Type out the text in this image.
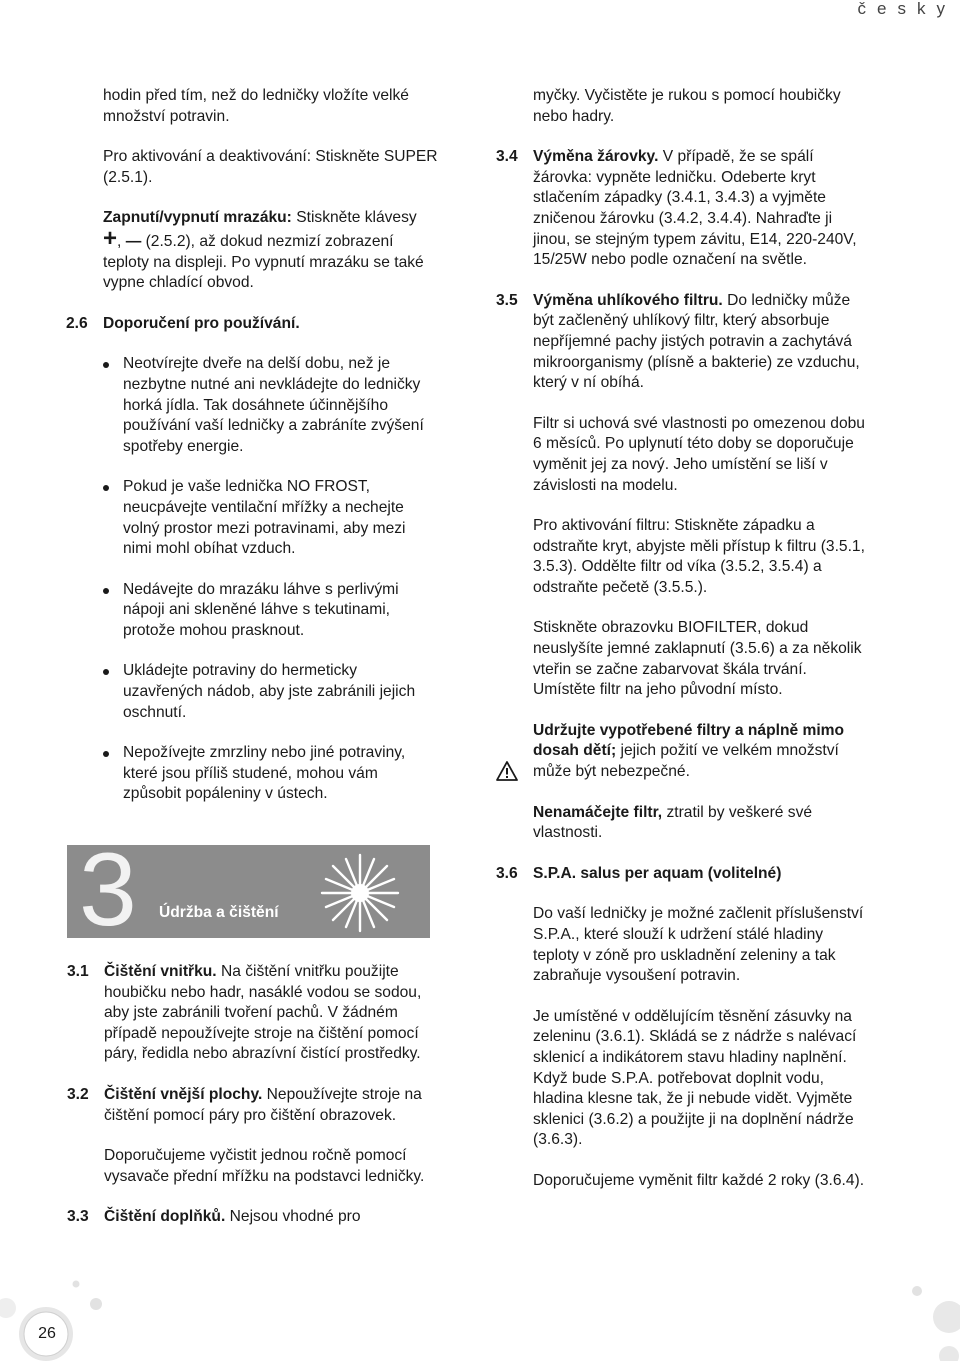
česky

hodin před tím, než do ledničky vložíte velké množství potravin.

Pro aktivování a deaktivování: Stiskněte SUPER (2.5.1).

Zapnutí/vypnutí mrazáku: Stiskněte klávesy +, — (2.5.2), až dokud nezmizí zobrazení teploty na displeji. Po vypnutí mrazáku se také vypne chladící obvod.

2.6 Doporučení pro používání.

Neotvírejte dveře na delší dobu, než je nezbytne nutné ani nevkládejte do ledničky horká jídla. Tak dosáhnete účinnějšího používání vaší ledničky a zabráníte zvýšení spotřeby energie.
Pokud je vaše lednička NO FROST, neucpávejte ventilační mřížky a nechejte volný prostor mezi potravinami, aby mezi nimi mohl obíhat vzduch.
Nedávejte do mrazáku láhve s perlivými nápoji ani skleněné láhve s tekutinami, protože mohou prasknout.
Ukládejte potraviny do hermeticky uzavřených nádob, aby jste zabránili jejich oschnutí.
Nepožívejte zmrzliny nebo jiné potraviny, které jsou příliš studené, mohou vám způsobit popáleniny v ústech.
3 Údržba a čištění

3.1 Čištění vnitřku. Na čištění vnitřku použijte houbičku nebo hadr, nasáklé vodou se sodou, aby jste zabránili tvoření pachů. V žádném případě nepoužívejte stroje na čištění pomocí páry, ředidla nebo abrazívní čistící prostředky.

3.2 Čištění vnější plochy. Nepoužívejte stroje na čištění pomocí páry pro čištění obrazovek.

Doporučujeme vyčistit jednou ročně pomocí vysavače přední mřížku na podstavci ledničky.

3.3 Čištění doplňků. Nejsou vhodné pro

myčky. Vyčistěte je rukou s pomocí houbičky nebo hadry.

3.4 Výměna žárovky. V případě, že se spálí žárovka: vypněte ledničku. Odeberte kryt stlačením západky (3.4.1, 3.4.3) a vyjměte zničenou žárovku (3.4.2, 3.4.4). Nahraďte ji jinou, se stejným typem závitu, E14, 220-240V, 15/25W nebo podle označení na světle.

3.5 Výměna uhlíkového filtru. Do ledničky může být začleněný uhlíkový filtr, který absorbuje nepříjemné pachy jistých potravin a zachytává mikroorganismy (plísně a bakterie) ze vzduchu, který v ní obíhá.

Filtr si uchová své vlastnosti po omezenou dobu 6 měsíců. Po uplynutí této doby se doporučuje vyměnit jej za nový. Jeho umístění se liší v závislosti na modelu.

Pro aktivování filtru: Stiskněte západku a odstraňte kryt, abyjste měli přístup k filtru (3.5.1, 3.5.3). Oddělte filtr od víka (3.5.2, 3.5.4) a odstraňte pečetě (3.5.5.).

Stiskněte obrazovku BIOFILTER, dokud neuslyšíte jemné zaklapnutí (3.5.6) a za několik vteřin se začne zabarvovat škála trvání. Umístěte filtr na jeho původní místo.

Udržujte vypotřebené filtry a náplně mimo dosah dětí; jejich požití ve velkém množství může být nebezpečné.

Nenamáčejte filtr, ztratil by veškeré své vlastnosti.

3.6 S.P.A. salus per aquam (volitelné)

Do vaší ledničky je možné začlenit příslušenství S.P.A., které slouží k udržení stálé hladiny teploty v zóně pro uskladnění zeleniny a tak zabraňuje vysoušení potravin.

Je umístěné v oddělujícím těsnění zásuvky na zeleninu (3.6.1). Skládá se z nádrže s nalévací sklenicí a indikátorem stavu hladiny naplnění. Když bude S.P.A. potřebovat doplnit vodu, hladina klesne tak, že ji nebude vidět. Vyjměte sklenici (3.6.2) a použijte ji na doplnění nádrže (3.6.3).

Doporučujeme vyměnit filtr každé 2 roky (3.6.4).

26
